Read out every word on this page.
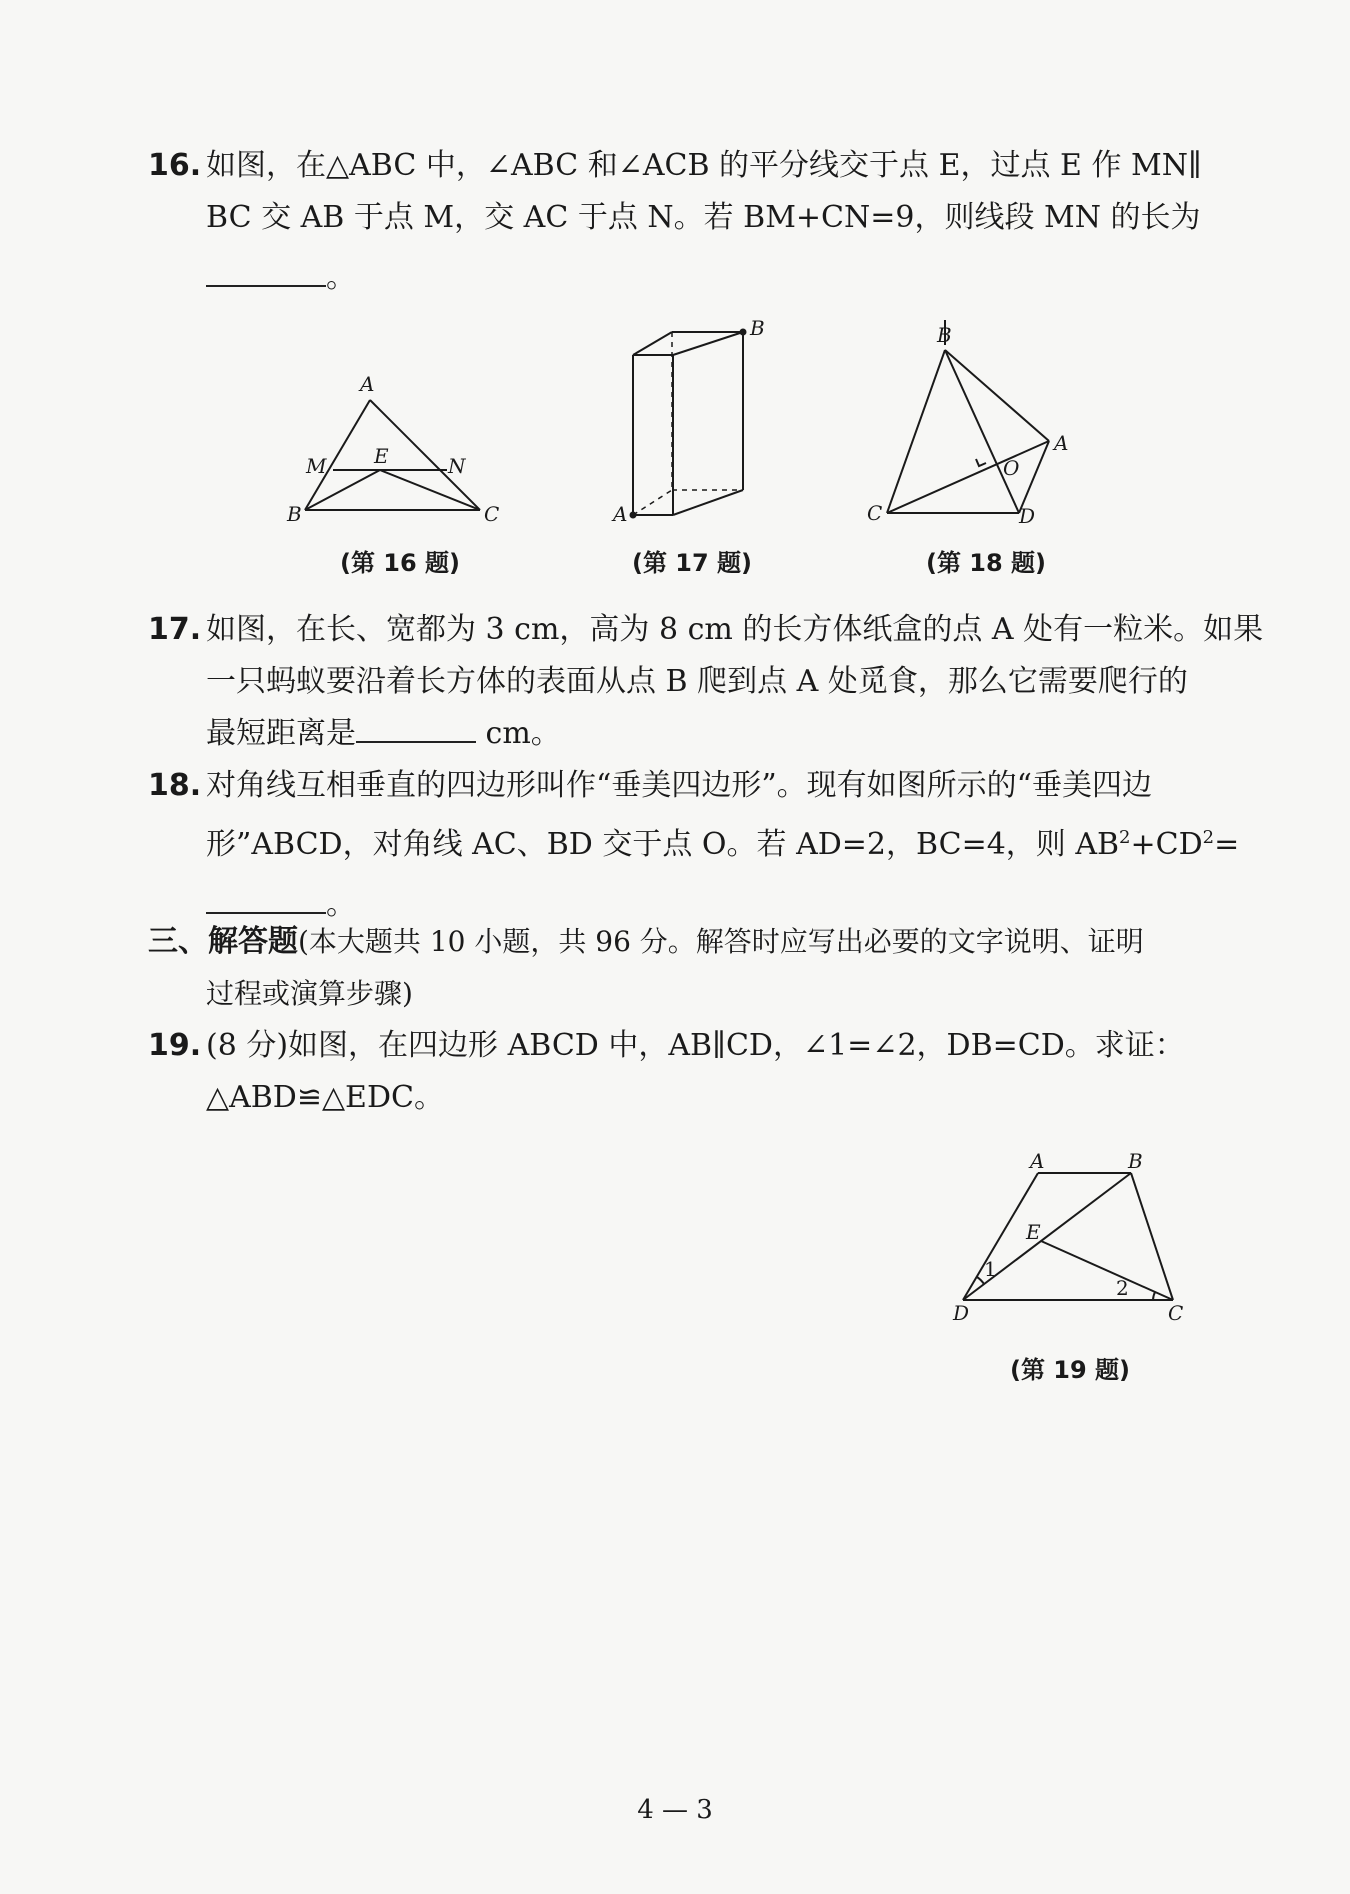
16. 如图，在△ABC 中，∠ABC 和∠ACB 的平分线交于点 E，过点 E 作 MN∥
BC 交 AB 于点 M，交 AC 于点 N。若 BM+CN=9，则线段 MN 的长为
。
A
M E	N
B	C
(第 16 题)
B
A
(第 17 题)
B
A
O
C	D
(第 18 题)
17. 如图，在长、宽都为 3 cm，高为 8 cm 的长方体纸盒的点 A 处有一粒米。如果
一只蚂蚁要沿着长方体的表面从点 B 爬到点 A 处觅食，那么它需要爬行的
最短距离是	cm。
18. 对角线互相垂直的四边形叫作“垂美四边形”。现有如图所示的“垂美四边
形”ABCD，对角线 AC、BD 交于点 O。若 AD=2，BC=4，则 $AB^2+CD^2=$
。
三、解答题(本大题共 10 小题，共 96 分。解答时应写出必要的文字说明、证明
过程或演算步骤)
19. (8 分)如图，在四边形 ABCD 中，AB∥CD，∠1=∠2，DB=CD。求证：
△ABD≌△EDC。
A	B
E
1
2
D	C
(第 19 题)
4 — 3
